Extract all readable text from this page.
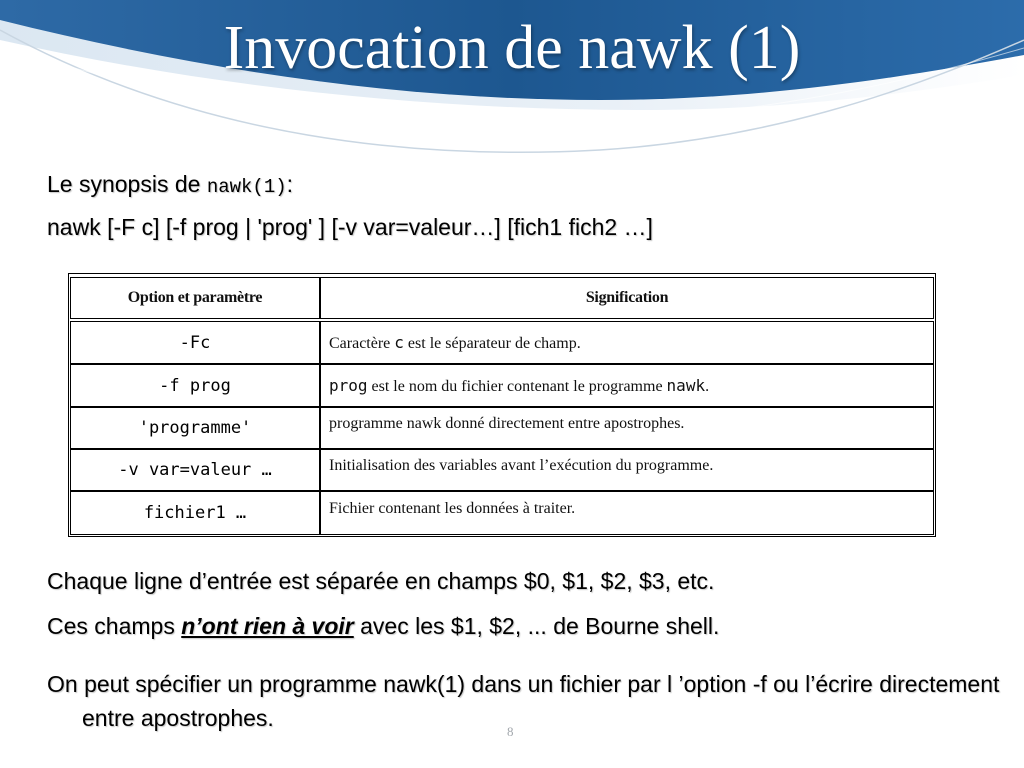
Invocation de nawk (1)
Le synopsis de nawk(1):
nawk [-F c] [-f prog | 'prog' ] [-v var=valeur…] [fich1 fich2 …]
Option et paramètre	Signification
-Fc	Caractère c est le séparateur de champ.
-f prog	prog est le nom du fichier contenant le programme nawk.
'programme'	programme nawk donné directement entre apostrophes.
-v var=valeur …	Initialisation des variables avant l’exécution du programme.
fichier1 …	Fichier contenant les données à traiter.
Chaque ligne d’entrée est séparée en champs $0, $1, $2, $3, etc.
Ces champs n’ont rien à voir avec les $1, $2, ... de Bourne shell.
On peut spécifier un programme nawk(1) dans un fichier par l ’option -f ou l’écrire directement entre apostrophes.
8
